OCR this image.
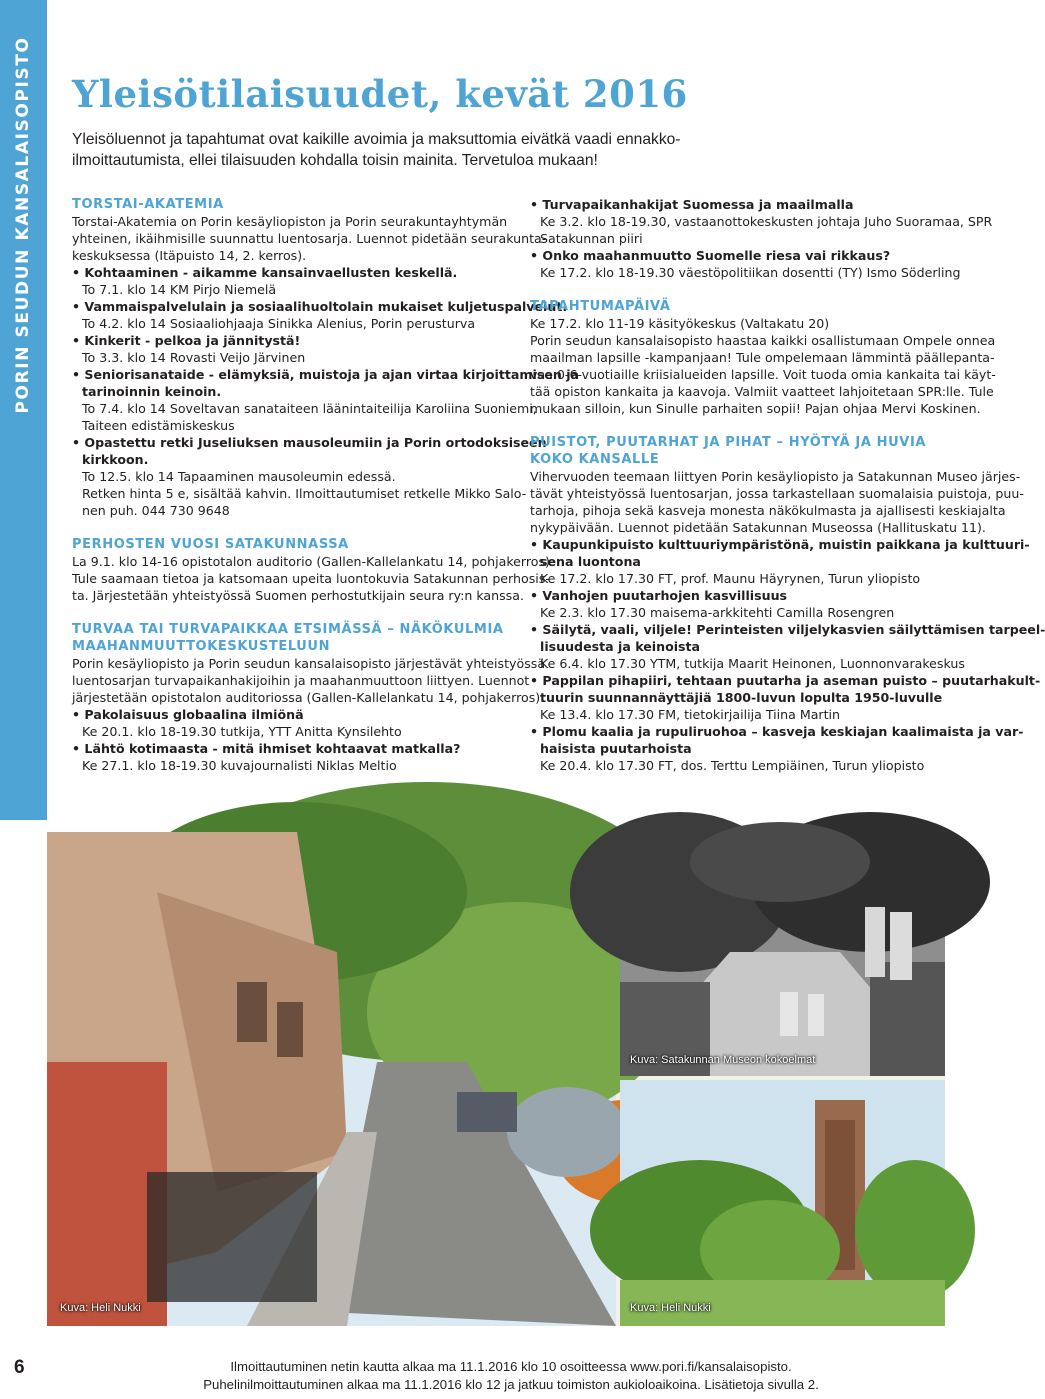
PORIN SEUDUN KANSALAISOPISTO Yleisötilaisuudet, kevät 2016
Yleisöluennot ja tapahtumat ovat kaikille avoimia ja maksuttomia eivätkä vaadi ennakko-
ilmoittautumista, ellei tilaisuuden kohdalla toisin mainita. Tervetuloa mukaan!
TORSTAI-AKATEMIA
Torstai-Akatemia on Porin kesäyliopiston ja Porin seurakuntayhtymän
yhteinen, ikäihmisille suunnattu luentosarja. Luennot pidetään seurakunta-
keskuksessa (Itäpuisto 14, 2. kerros).
• Kohtaaminen - aikamme kansainvaellusten keskellä.
To 7.1. klo 14 KM Pirjo Niemelä
• Vammaispalvelulain ja sosiaalihuoltolain mukaiset kuljetuspalvelut.
To 4.2. klo 14 Sosiaaliohjaaja Sinikka Alenius, Porin perusturva
• Kinkerit - pelkoa ja jännitystä!
To 3.3. klo 14 Rovasti Veijo Järvinen
• Seniorisanataide - elämyksiä, muistoja ja ajan virtaa kirjoittamisen ja
tarinoinnin keinoin.
To 7.4. klo 14 Soveltavan sanataiteen läänintaiteilija Karoliina Suoniemi,
Taiteen edistämiskeskus
• Opastettu retki Juseliuksen mausoleumiin ja Porin ortodoksiseen
kirkkoon.
To 12.5. klo 14 Tapaaminen mausoleumin edessä.
Retken hinta 5 e, sisältää kahvin. Ilmoittautumiset retkelle Mikko Salo-
nen puh. 044 730 9648
PERHOSTEN VUOSI SATAKUNNASSA
La 9.1. klo 14-16 opistotalon auditorio (Gallen-Kallelankatu 14, pohjakerros)
Tule saamaan tietoa ja katsomaan upeita luontokuvia Satakunnan perhosis-
ta. Järjestetään yhteistyössä Suomen perhostutkijain seura ry:n kanssa.
TURVAA TAI TURVAPAIKKAA ETSIMÄSSÄ – NÄKÖKULMIA
MAAHANMUUTTOKESKUSTELUUN
Porin kesäyliopisto ja Porin seudun kansalaisopisto järjestävät yhteistyössä
luentosarjan turvapaikanhakijoihin ja maahanmuuttoon liittyen. Luennot
järjestetään opistotalon auditoriossa (Gallen-Kallelankatu 14, pohjakerros).
• Pakolaisuus globaalina ilmiönä
Ke 20.1. klo 18-19.30 tutkija, YTT Anitta Kynsilehto
• Lähtö kotimaasta - mitä ihmiset kohtaavat matkalla?
Ke 27.1. klo 18-19.30 kuvajournalisti Niklas Meltio
• Turvapaikanhakijat Suomessa ja maailmalla
Ke 3.2. klo 18-19.30, vastaanottokeskusten johtaja Juho Suoramaa, SPR
Satakunnan piiri
• Onko maahanmuutto Suomelle riesa vai rikkaus?
Ke 17.2. klo 18-19.30 väestöpolitiikan dosentti (TY) Ismo Söderling
TAPAHTUMAPÄIVÄ
Ke 17.2. klo 11-19 käsityökeskus (Valtakatu 20)
Porin seudun kansalaisopisto haastaa kaikki osallistumaan Ompele onnea
maailman lapsille -kampanjaan! Tule ompelemaan lämmintä päällepanta-
vaa 0-6-vuotiaille kriisialueiden lapsille. Voit tuoda omia kankaita tai käyt-
tää opiston kankaita ja kaavoja. Valmiit vaatteet lahjoitetaan SPR:lle. Tule
mukaan silloin, kun Sinulle parhaiten sopii! Pajan ohjaa Mervi Koskinen.
PUISTOT, PUUTARHAT JA PIHAT – HYÖTYÄ JA HUVIA
KOKO KANSALLE
Vihervuoden teemaan liittyen Porin kesäyliopisto ja Satakunnan Museo järjes-
tävät yhteistyössä luentosarjan, jossa tarkastellaan suomalaisia puistoja, puu-
tarhoja, pihoja sekä kasveja monesta näkökulmasta ja ajallisesti keskiajalta
nykypäivään. Luennot pidetään Satakunnan Museossa (Hallituskatu 11).
• Kaupunkipuisto kulttuuriympäristönä, muistin paikkana ja kulttuuri-
sena luontona
Ke 17.2. klo 17.30 FT, prof. Maunu Häyrynen, Turun yliopisto
• Vanhojen puutarhojen kasvillisuus
Ke 2.3. klo 17.30 maisema-arkkitehti Camilla Rosengren
• Säilytä, vaali, viljele! Perinteisten viljelykasvien säilyttämisen tarpeel-
lisuudesta ja keinoista
Ke 6.4. klo 17.30 YTM, tutkija Maarit Heinonen, Luonnonvarakeskus
• Pappilan pihapiiri, tehtaan puutarha ja aseman puisto – puutarhakult-
tuurin suunnannäyttäjiä 1800-luvun lopulta 1950-luvulle
Ke 13.4. klo 17.30 FM, tietokirjailija Tiina Martin
• Plomu kaalia ja rupuliruohoa – kasveja keskiajan kaalimaista ja var-
haisista puutarhoista
Ke 20.4. klo 17.30 FT, dos. Terttu Lempiäinen, Turun yliopisto
Kuva: Heli Nukki
Kuva: Satakunnan Museon kokoelmat
Kuva: Heli Nukki
6	Ilmoittautuminen netin kautta alkaa ma 11.1.2016 klo 10 osoitteessa www.pori.fi/kansalaisopisto.
Puhelinilmoittautuminen alkaa ma 11.1.2016 klo 12 ja jatkuu toimiston aukioloaikoina. Lisätietoja sivulla 2.
